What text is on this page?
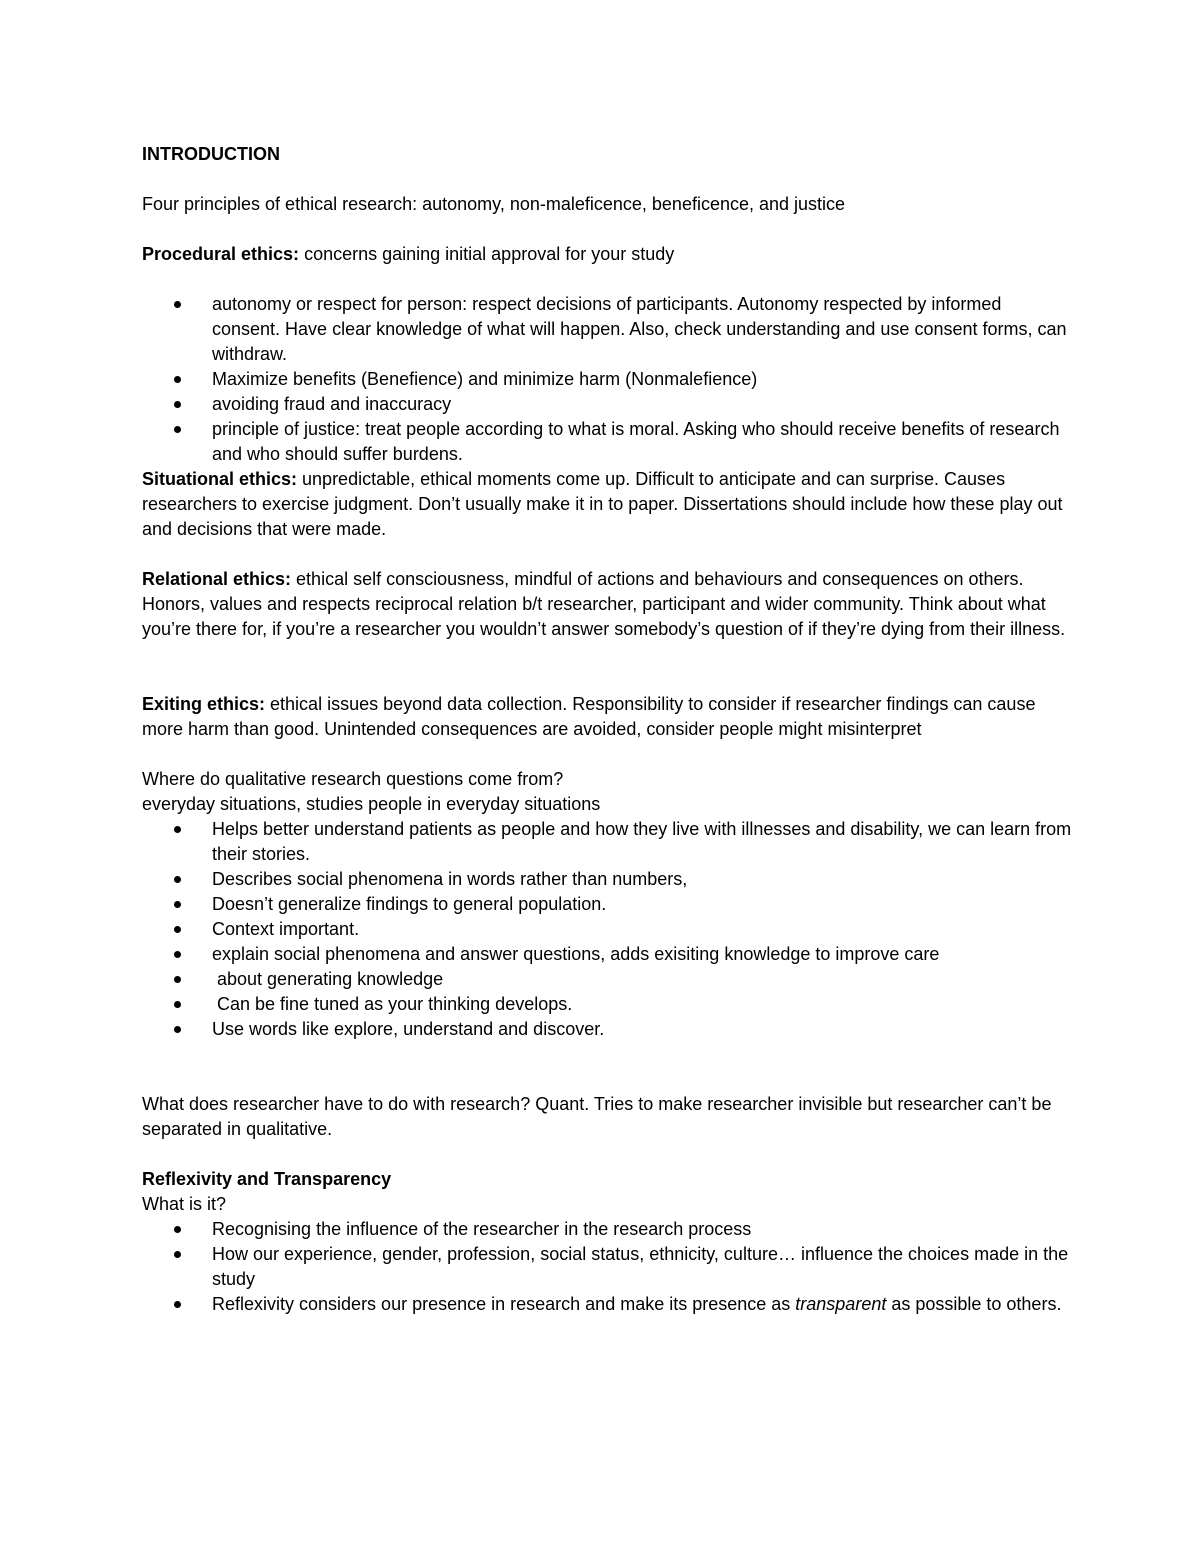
INTRODUCTION

Four principles of ethical research: autonomy, non-maleficence, beneficence, and justice

Procedural ethics: concerns gaining initial approval for your study

autonomy or respect for person: respect decisions of participants. Autonomy respected by informed consent. Have clear knowledge of what will happen. Also, check understanding and use consent forms, can withdraw.
Maximize benefits (Benefience) and minimize harm (Nonmalefience)
avoiding fraud and inaccuracy
principle of justice: treat people according to what is moral. Asking who should receive benefits of research and who should suffer burdens.

Situational ethics: unpredictable, ethical moments come up. Difficult to anticipate and can surprise. Causes researchers to exercise judgment. Don’t usually make it in to paper. Dissertations should include how these play out and decisions that were made.

Relational ethics: ethical self consciousness, mindful of actions and behaviours and consequences on others. Honors, values and respects reciprocal relation b/t researcher, participant and wider community. Think about what you’re there for, if you’re a researcher you wouldn’t answer somebody’s question of if they’re dying from their illness.

Exiting ethics: ethical issues beyond data collection. Responsibility to consider if researcher findings can cause more harm than good. Unintended consequences are avoided, consider people might misinterpret

Where do qualitative research questions come from?

everyday situations, studies people in everyday situations

Helps better understand patients as people and how they live with illnesses and disability, we can learn from their stories.
Describes social phenomena in words rather than numbers,
Doesn’t generalize findings to general population.
Context important.
explain social phenomena and answer questions, adds exisiting knowledge to improve care
about generating knowledge
Can be fine tuned as your thinking develops.
Use words like explore, understand and discover.

What does researcher have to do with research? Quant. Tries to make researcher invisible but researcher can’t be separated in qualitative.

Reflexivity and Transparency

What is it?

Recognising the influence of the researcher in the research process
How our experience, gender, profession, social status, ethnicity, culture… influence the choices made in the study
Reflexivity considers our presence in research and make its presence as transparent as possible to others.
